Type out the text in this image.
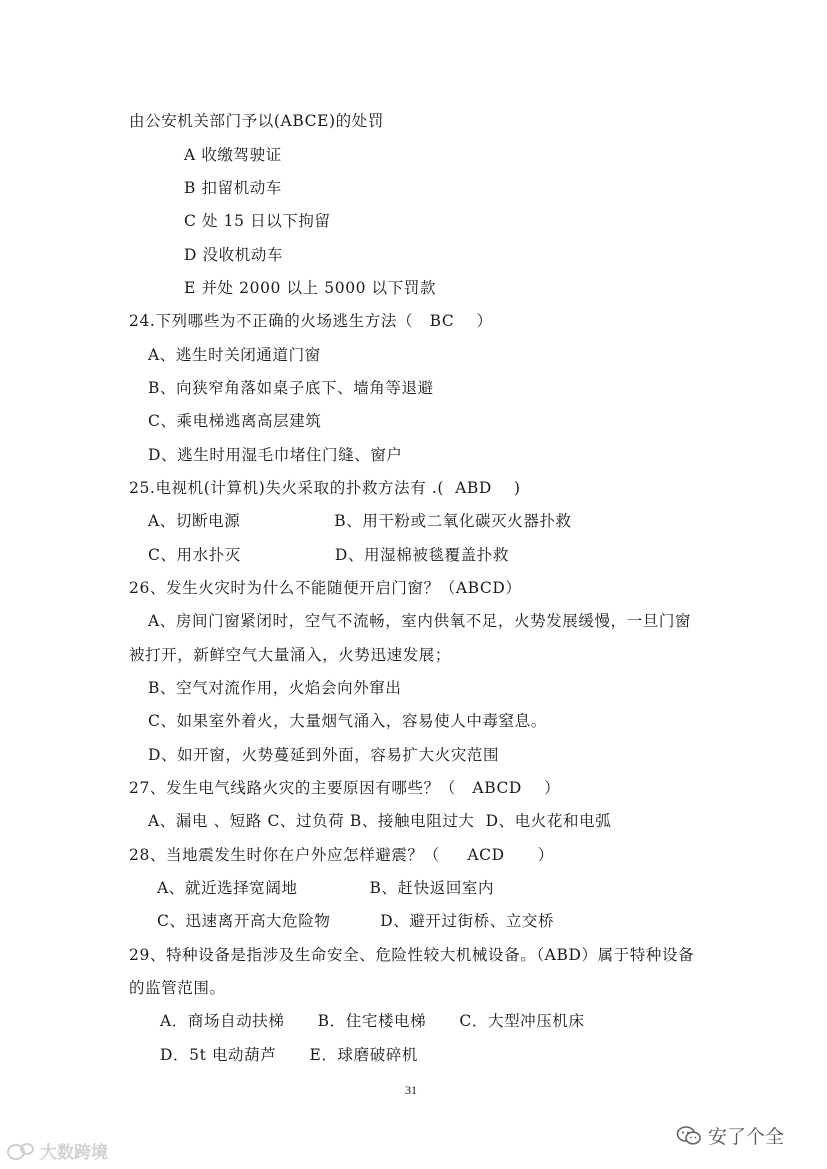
由公安机关部门予以(ABCE)的处罚
A 收缴驾驶证
B 扣留机动车
C 处 15 日以下拘留
D 没收机动车
E 并处 2000 以上 5000 以下罚款
24.下列哪些为不正确的火场逃生方法（   BC    ）
A、逃生时关闭通道门窗
B、向狭窄角落如桌子底下、墙角等退避
C、乘电梯逃离高层建筑
D、逃生时用湿毛巾堵住门缝、窗户
25.电视机(计算机)失火采取的扑救方法有 .(  ABD    )
A、切断电源                 B、用干粉或二氧化碳灭火器扑救
C、用水扑灭                 D、用湿棉被毯覆盖扑救
26、发生火灾时为什么不能随便开启门窗？（ABCD）
A、房间门窗紧闭时，空气不流畅，室内供氧不足，火势发展缓慢，一旦门窗
被打开，新鲜空气大量涌入，火势迅速发展；
B、空气对流作用，火焰会向外窜出
C、如果室外着火，大量烟气涌入，容易使人中毒窒息。
D、如开窗，火势蔓延到外面，容易扩大火灾范围
27、发生电气线路火灾的主要原因有哪些？（   ABCD    ）
A、漏电 、短路 C、过负荷 B、接触电阻过大  D、电火花和电弧
28、当地震发生时你在户外应怎样避震？（     ACD      ）
A、就近选择宽阔地             B、赶快返回室内
C、迅速离开高大危险物         D、避开过街桥、立交桥
29、特种设备是指涉及生命安全、危险性较大机械设备。（ABD）属于特种设备
的监管范围。
A．商场自动扶梯      B．住宅楼电梯      C．大型冲压机床
D．5t 电动葫芦      E．球磨破碎机
31
大数跨境
安了个全
